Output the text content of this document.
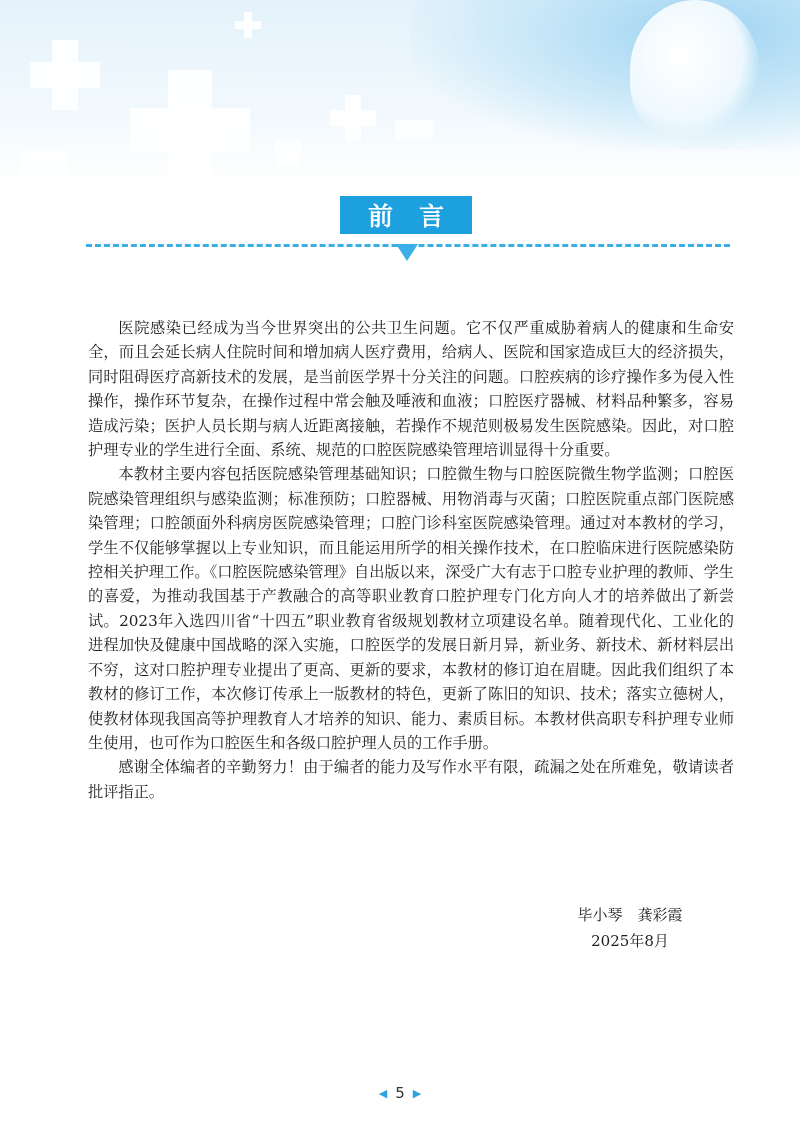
前言

医院感染已经成为当今世界突出的公共卫生问题。它不仅严重威胁着病人的健康和生命安全，而且会延长病人住院时间和增加病人医疗费用，给病人、医院和国家造成巨大的经济损失，同时阻碍医疗高新技术的发展，是当前医学界十分关注的问题。口腔疾病的诊疗操作多为侵入性操作，操作环节复杂，在操作过程中常会触及唾液和血液；口腔医疗器械、材料品种繁多，容易造成污染；医护人员长期与病人近距离接触，若操作不规范则极易发生医院感染。因此，对口腔护理专业的学生进行全面、系统、规范的口腔医院感染管理培训显得十分重要。

本教材主要内容包括医院感染管理基础知识；口腔微生物与口腔医院微生物学监测；口腔医院感染管理组织与感染监测；标准预防；口腔器械、用物消毒与灭菌；口腔医院重点部门医院感染管理；口腔颌面外科病房医院感染管理；口腔门诊科室医院感染管理。通过对本教材的学习，学生不仅能够掌握以上专业知识，而且能运用所学的相关操作技术，在口腔临床进行医院感染防控相关护理工作。《口腔医院感染管理》自出版以来，深受广大有志于口腔专业护理的教师、学生的喜爱，为推动我国基于产教融合的高等职业教育口腔护理专门化方向人才的培养做出了新尝试。2023年入选四川省“十四五”职业教育省级规划教材立项建设名单。随着现代化、工业化的进程加快及健康中国战略的深入实施，口腔医学的发展日新月异，新业务、新技术、新材料层出不穷，这对口腔护理专业提出了更高、更新的要求，本教材的修订迫在眉睫。因此我们组织了本教材的修订工作，本次修订传承上一版教材的特色，更新了陈旧的知识、技术；落实立德树人，使教材体现我国高等护理教育人才培养的知识、能力、素质目标。本教材供高职专科护理专业师生使用，也可作为口腔医生和各级口腔护理人员的工作手册。

感谢全体编者的辛勤努力！由于编者的能力及写作水平有限，疏漏之处在所难免，敬请读者批评指正。

毕小琴　龚彩霞
2025年8月
◀ 5 ▶
